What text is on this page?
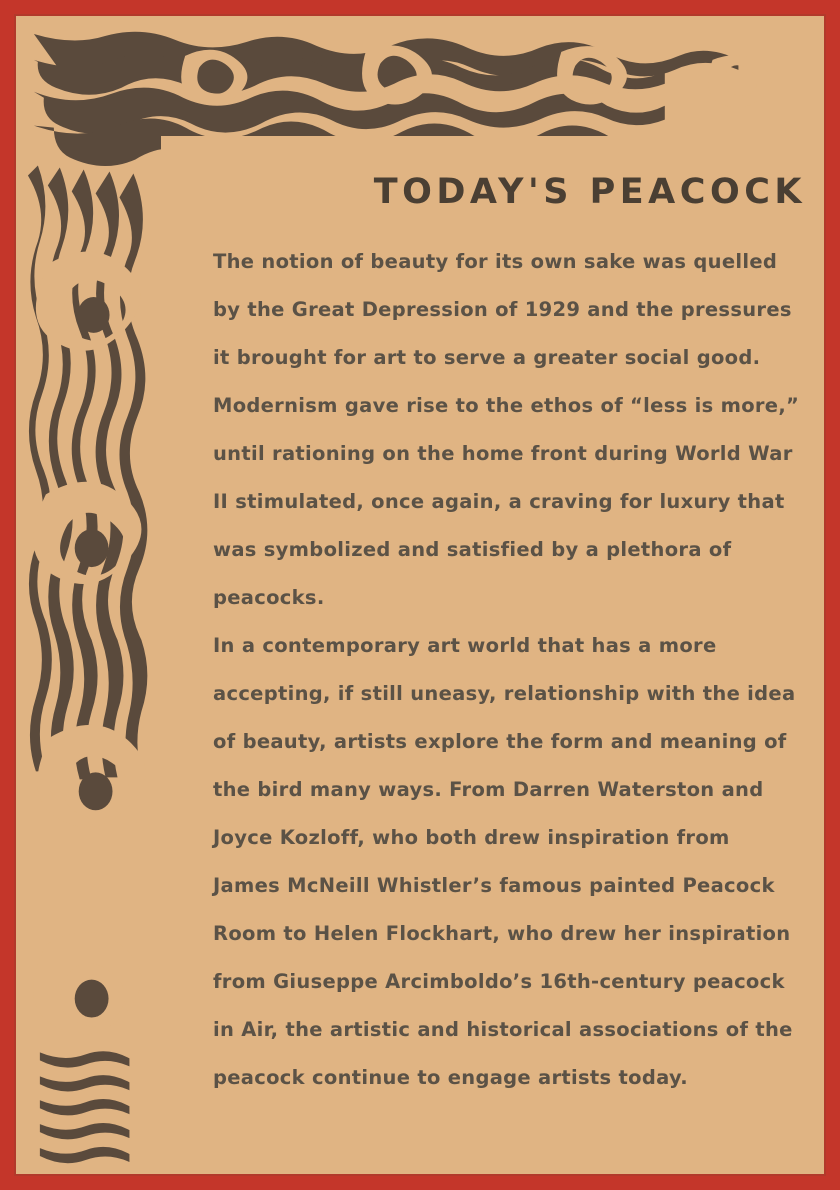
TODAY'S PEACOCK

The notion of beauty for its own sake was quelled by the Great Depression of 1929 and the pressures it brought for art to serve a greater social good. Modernism gave rise to the ethos of “less is more,” until rationing on the home front during World War II stimulated, once again, a craving for luxury that was symbolized and satisfied by a plethora of peacocks.

In a contemporary art world that has a more accepting, if still uneasy, relationship with the idea of beauty, artists explore the form and meaning of the bird many ways. From Darren Waterston and Joyce Kozloff, who both drew inspiration from James McNeill Whistler’s famous painted Peacock Room to Helen Flockhart, who drew her inspiration from Giuseppe Arcimboldo’s 16th-century peacock in Air, the artistic and historical associations of the peacock continue to engage artists today.
